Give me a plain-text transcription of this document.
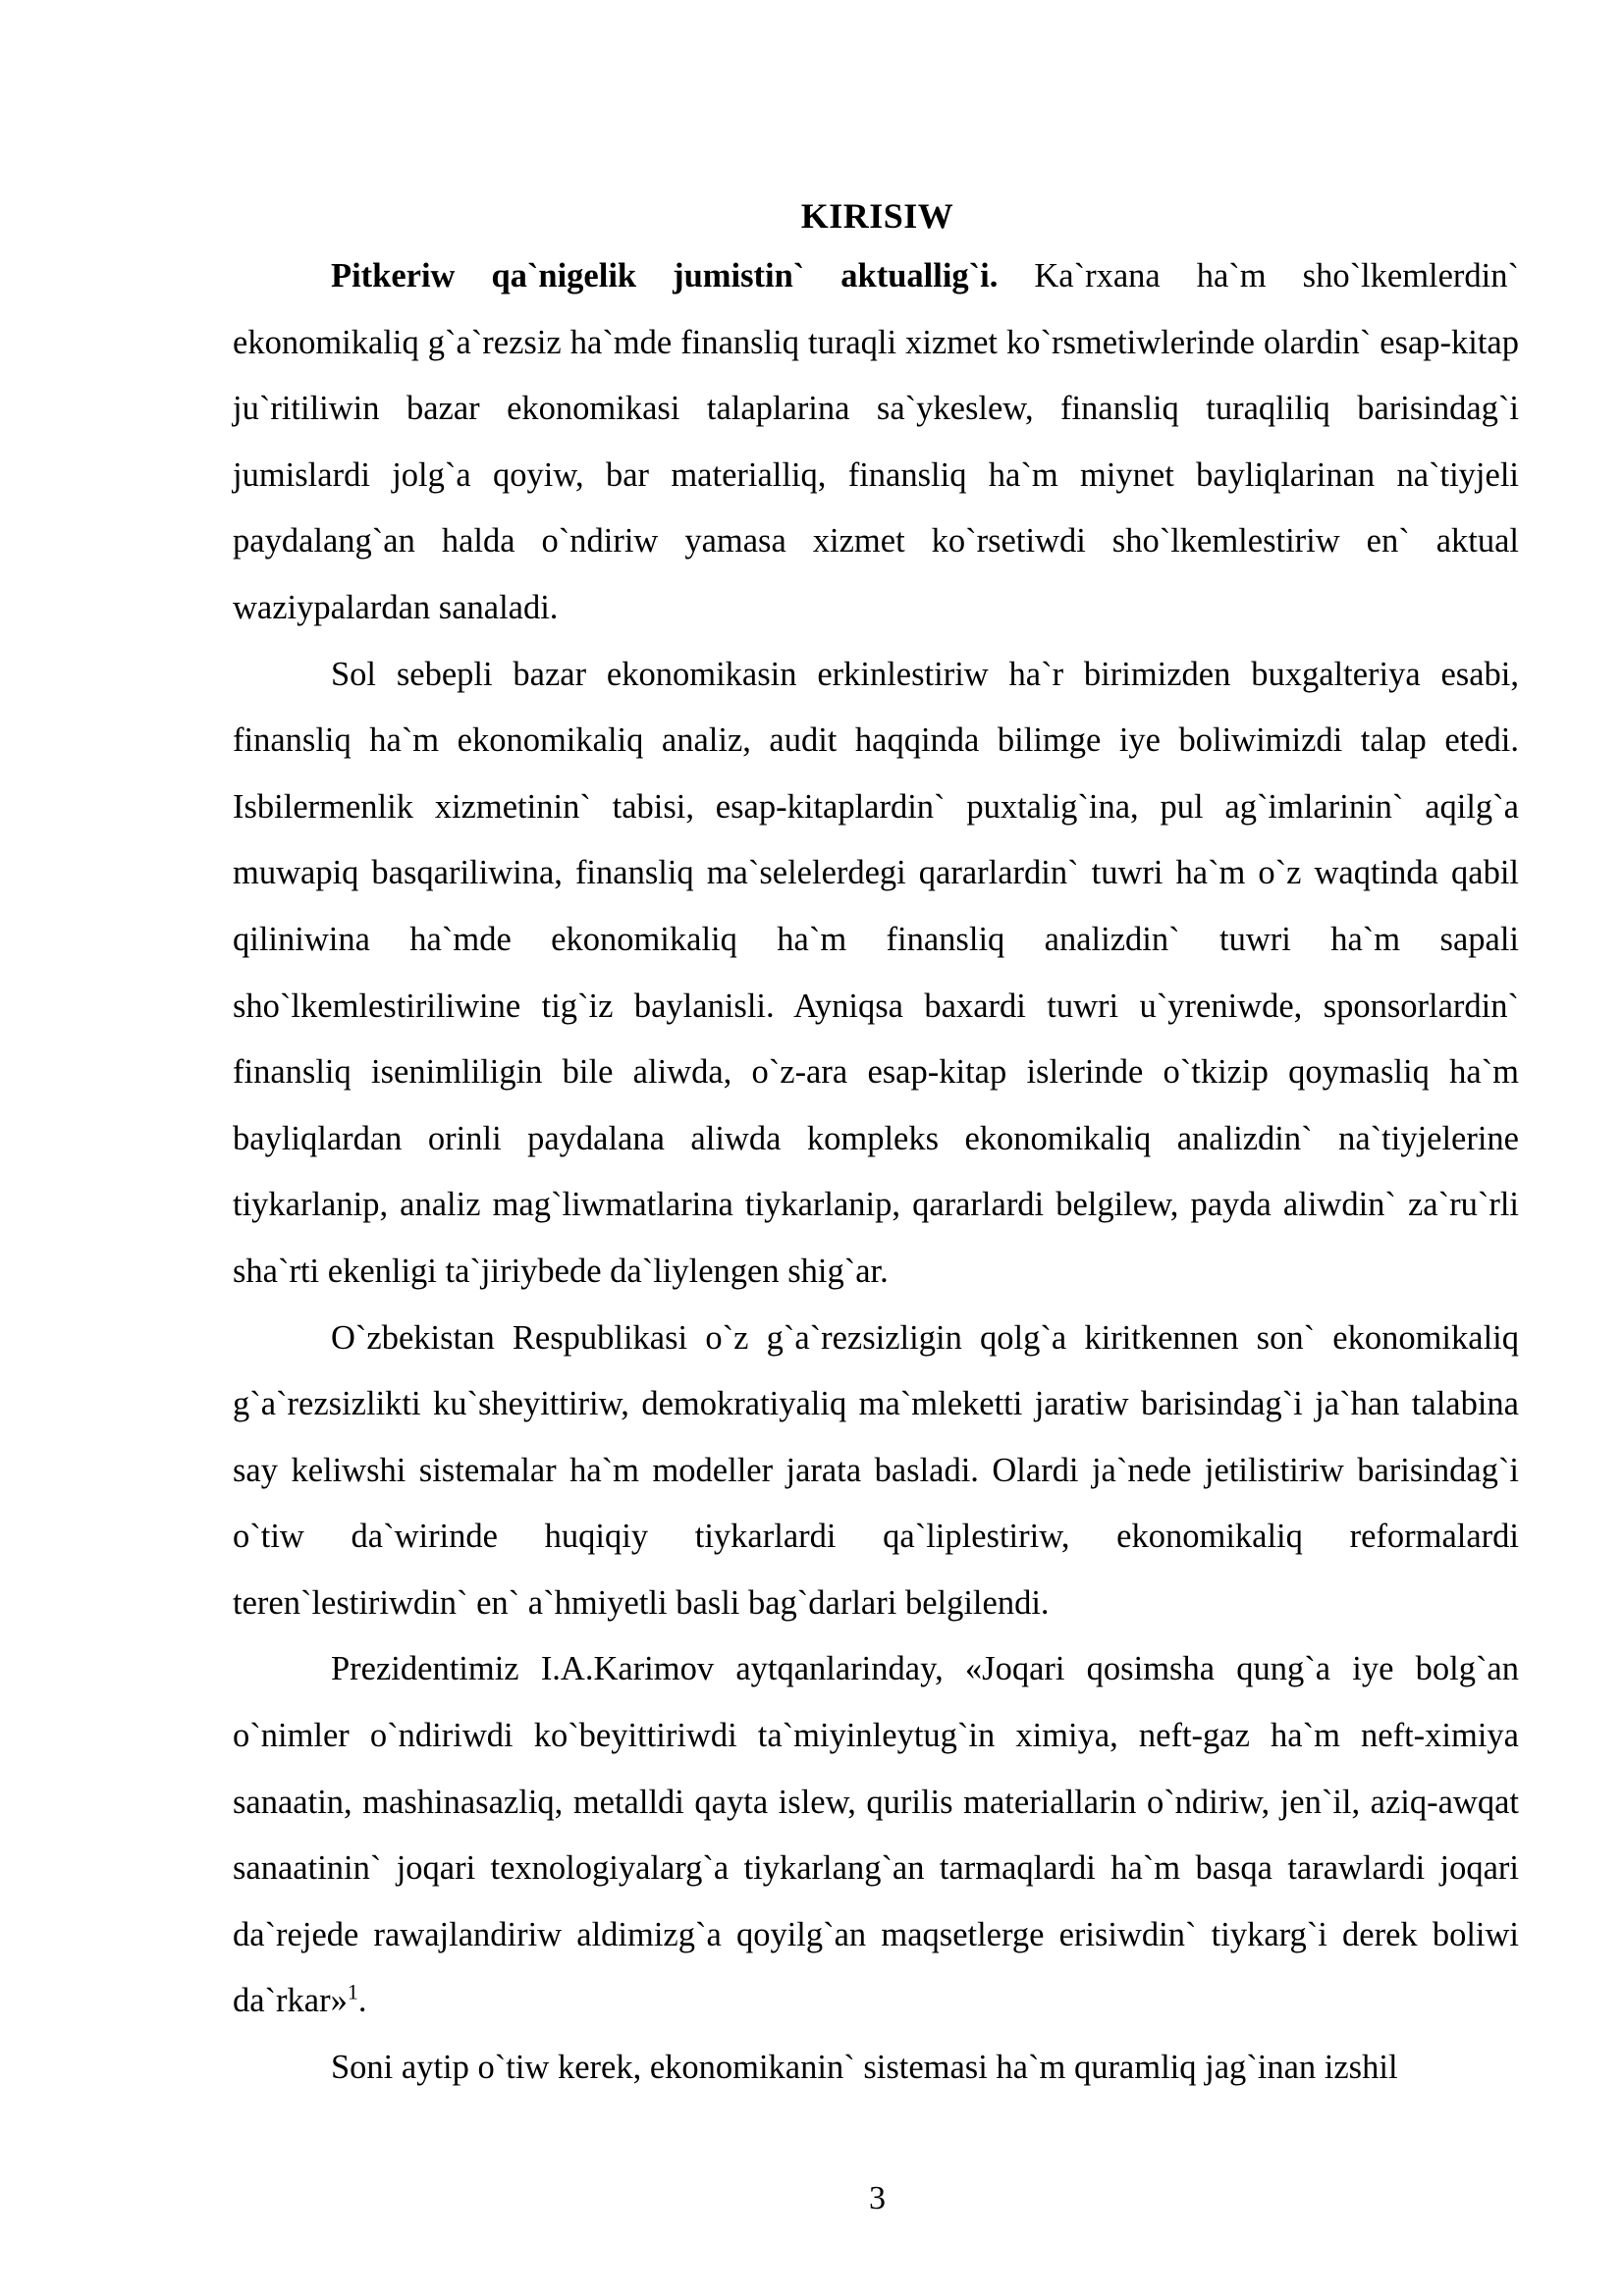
KIRISIW

Pitkeriw qa`nigelik jumistin` aktuallig`i. Ka`rxana ha`m sho`lkemlerdin` ekonomikaliq g`a`rezsiz ha`mde finansliq turaqli xizmet ko`rsmetiwlerinde olardin` esap-kitap ju`ritiliwin bazar ekonomikasi talaplarina sa`ykeslew, finansliq turaqliliq barisindag`i jumislardi jolg`a qoyiw, bar materialliq, finansliq ha`m miynet bayliqlarinan na`tiyjeli paydalang`an halda o`ndiriw yamasa xizmet ko`rsetiwdi sho`lkemlestiriw en` aktual waziypalardan sanaladi.

Sol sebepli bazar ekonomikasin erkinlestiriw ha`r birimizden buxgalteriya esabi, finansliq ha`m ekonomikaliq analiz, audit haqqinda bilimge iye boliwimizdi talap etedi. Isbilermenlik xizmetinin` tabisi, esap-kitaplardin` puxtalig`ina, pul ag`imlarinin` aqilg`a muwapiq basqariliwina, finansliq ma`selelerdegi qararlardin` tuwri ha`m o`z waqtinda qabil qiliniwina ha`mde ekonomikaliq ha`m finansliq analizdin` tuwri ha`m sapali sho`lkemlestiriliwine tig`iz baylanisli. Ayniqsa baxardi tuwri u`yreniwde, sponsorlardin` finansliq isenimliligin bile aliwda, o`z-ara esap-kitap islerinde o`tkizip qoymasliq ha`m bayliqlardan orinli paydalana aliwda kompleks ekonomikaliq analizdin` na`tiyjelerine tiykarlanip, analiz mag`liwmatlarina tiykarlanip, qararlardi belgilew, payda aliwdin` za`ru`rli sha`rti ekenligi ta`jiriybede da`liylengen shig`ar.

O`zbekistan Respublikasi o`z g`a`rezsizligin qolg`a kiritkennen son` ekonomikaliq g`a`rezsizlikti ku`sheyittiriw, demokratiyaliq ma`mleketti jaratiw barisindag`i ja`han talabina say keliwshi sistemalar ha`m modeller jarata basladi. Olardi ja`nede jetilistiriw barisindag`i o`tiw da`wirinde huqiqiy tiykarlardi qa`liplestiriw, ekonomikaliq reformalardi teren`lestiriwdin` en` a`hmiyetli basli bag`darlari belgilendi.

Prezidentimiz I.A.Karimov aytqanlarinday, «Joqari qosimsha qung`a iye bolg`an o`nimler o`ndiriwdi ko`beyittiriwdi ta`miyinleytug`in ximiya, neft-gaz ha`m neft-ximiya sanaatin, mashinasazliq, metalldi qayta islew, qurilis materiallarin o`ndiriw, jen`il, aziq-awqat sanaatinin` joqari texnologiyalarg`a tiykarlang`an tarmaqlardi ha`m basqa tarawlardi joqari da`rejede rawajlandiriw aldimizg`a qoyilg`an maqsetlerge erisiwdin` tiykarg`i derek boliwi da`rkar»$^1$.

Soni aytip o`tiw kerek, ekonomikanin` sistemasi ha`m quramliq jag`inan izshil

3
